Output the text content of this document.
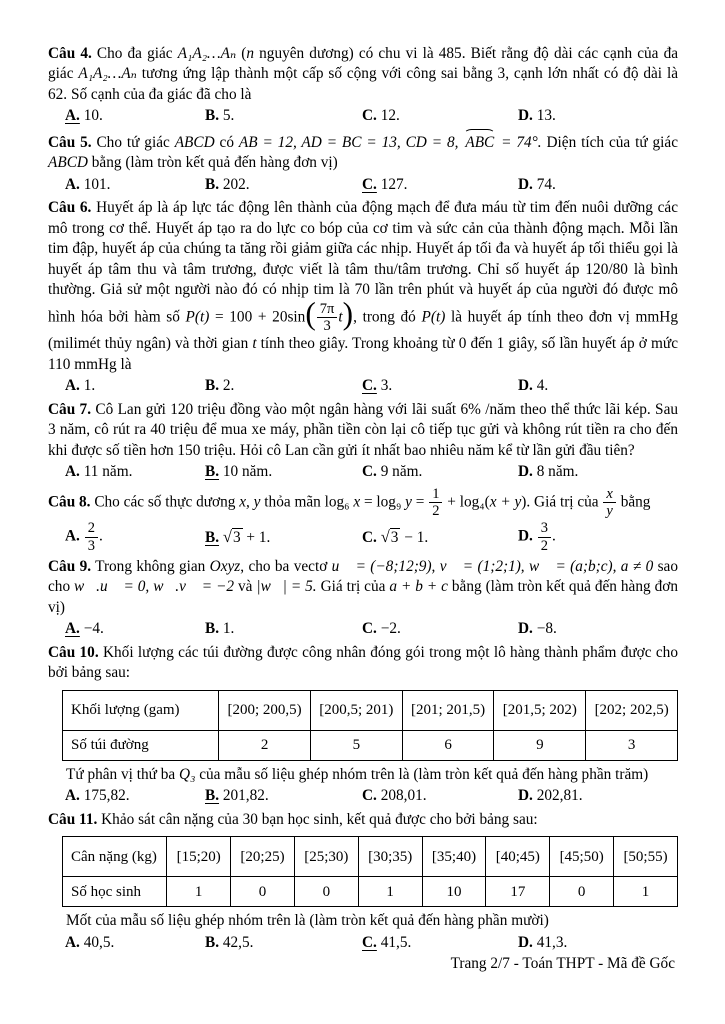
Câu 4. Cho đa giác A₁A₂…Aₙ (n nguyên dương) có chu vi là 485. Biết rằng độ dài các cạnh của đa giác A₁A₂…Aₙ tương ứng lập thành một cấp số cộng với công sai bằng 3, cạnh lớn nhất có độ dài là 62. Số cạnh của đa giác đã cho là

A. 10.	B. 5.	C. 12.	D. 13.

Câu 5. Cho tứ giác ABCD có AB = 12, AD = BC = 13, CD = 8, ABC = 74°. Diện tích của tứ giác ABCD bằng (làm tròn kết quả đến hàng đơn vị)

A. 101.	B. 202.	C. 127.	D. 74.

Câu 6. Huyết áp là áp lực tác động lên thành của động mạch để đưa máu từ tim đến nuôi dưỡng các mô trong cơ thể. Huyết áp tạo ra do lực co bóp của cơ tim và sức cản của thành động mạch. Mỗi lần tim đập, huyết áp của chúng ta tăng rồi giảm giữa các nhịp. Huyết áp tối đa và huyết áp tối thiểu gọi là huyết áp tâm thu và tâm trương, được viết là tâm thu/tâm trương. Chỉ số huyết áp 120/80 là bình thường. Giả sử một người nào đó có nhịp tim là 70 lần trên phút và huyết áp của người đó được mô hình hóa bởi hàm số $P(t) = 100 + 20\sin( \frac{7\pi}{3} t)$, trong đó P(t) là huyết áp tính theo đơn vị mmHg (milimét thủy ngân) và thời gian t tính theo giây. Trong khoảng từ 0 đến 1 giây, số lần huyết áp ở mức 110 mmHg là

A. 1.	B. 2.	C. 3.	D. 4.

Câu 7. Cô Lan gửi 120 triệu đồng vào một ngân hàng với lãi suất 6% /năm theo thể thức lãi kép. Sau 3 năm, cô rút ra 40 triệu để mua xe máy, phần tiền còn lại cô tiếp tục gửi và không rút tiền ra cho đến khi được số tiền hơn 150 triệu. Hỏi cô Lan cần gửi ít nhất bao nhiêu năm kể từ lần gửi đầu tiên?

A. 11 năm.	B. 10 năm.	C. 9 năm.	D. 8 năm.

Câu 8. Cho các số thực dương x, y thỏa mãn log₆ x = log₉ $y = \frac{1}{2} + \log_4(x + y)$. Giá trị của $\frac{x}{y}$ bằng

A. $\frac{2}{3}$ .	B. √3 + 1.	C. √3 − 1.	D. $\frac{3}{2}$ .

Câu 9. Trong không gian Oxyz, cho ba vectơ u⃗ = (−8;12;9), v⃗ = (1;2;1), w⃗ = (a;b;c), a ≠ 0 sao cho w⃗.u⃗ = 0, w⃗.v⃗ = −2 và |w⃗| = 5. Giá trị của a + b + c bằng (làm tròn kết quả đến hàng đơn vị)

A. −4.	B. 1.	C. −2.	D. −8.

Câu 10. Khối lượng các túi đường được công nhân đóng gói trong một lô hàng thành phẩm được cho bởi bảng sau:

Khối lượng (gam)	[200; 200,5)	[200,5; 201)	[201; 201,5)	[201,5; 202)	[202; 202,5)
Số túi đường	2	5	6	9	3

Tứ phân vị thứ ba Q₃ của mẫu số liệu ghép nhóm trên là (làm tròn kết quả đến hàng phần trăm)

A. 175,82.	B. 201,82.	C. 208,01.	D. 202,81.

Câu 11. Khảo sát cân nặng của 30 bạn học sinh, kết quả được cho bởi bảng sau:

Cân nặng (kg)	[15;20)	[20;25)	[25;30)	[30;35)	[35;40)	[40;45)	[45;50)	[50;55)
Số học sinh	1	0	0	1	10	17	0	1

Mốt của mẫu số liệu ghép nhóm trên là (làm tròn kết quả đến hàng phần mười)

A. 40,5.	B. 42,5.	C. 41,5.	D. 41,3.
Trang 2/7 - Toán THPT - Mã đề Gốc
